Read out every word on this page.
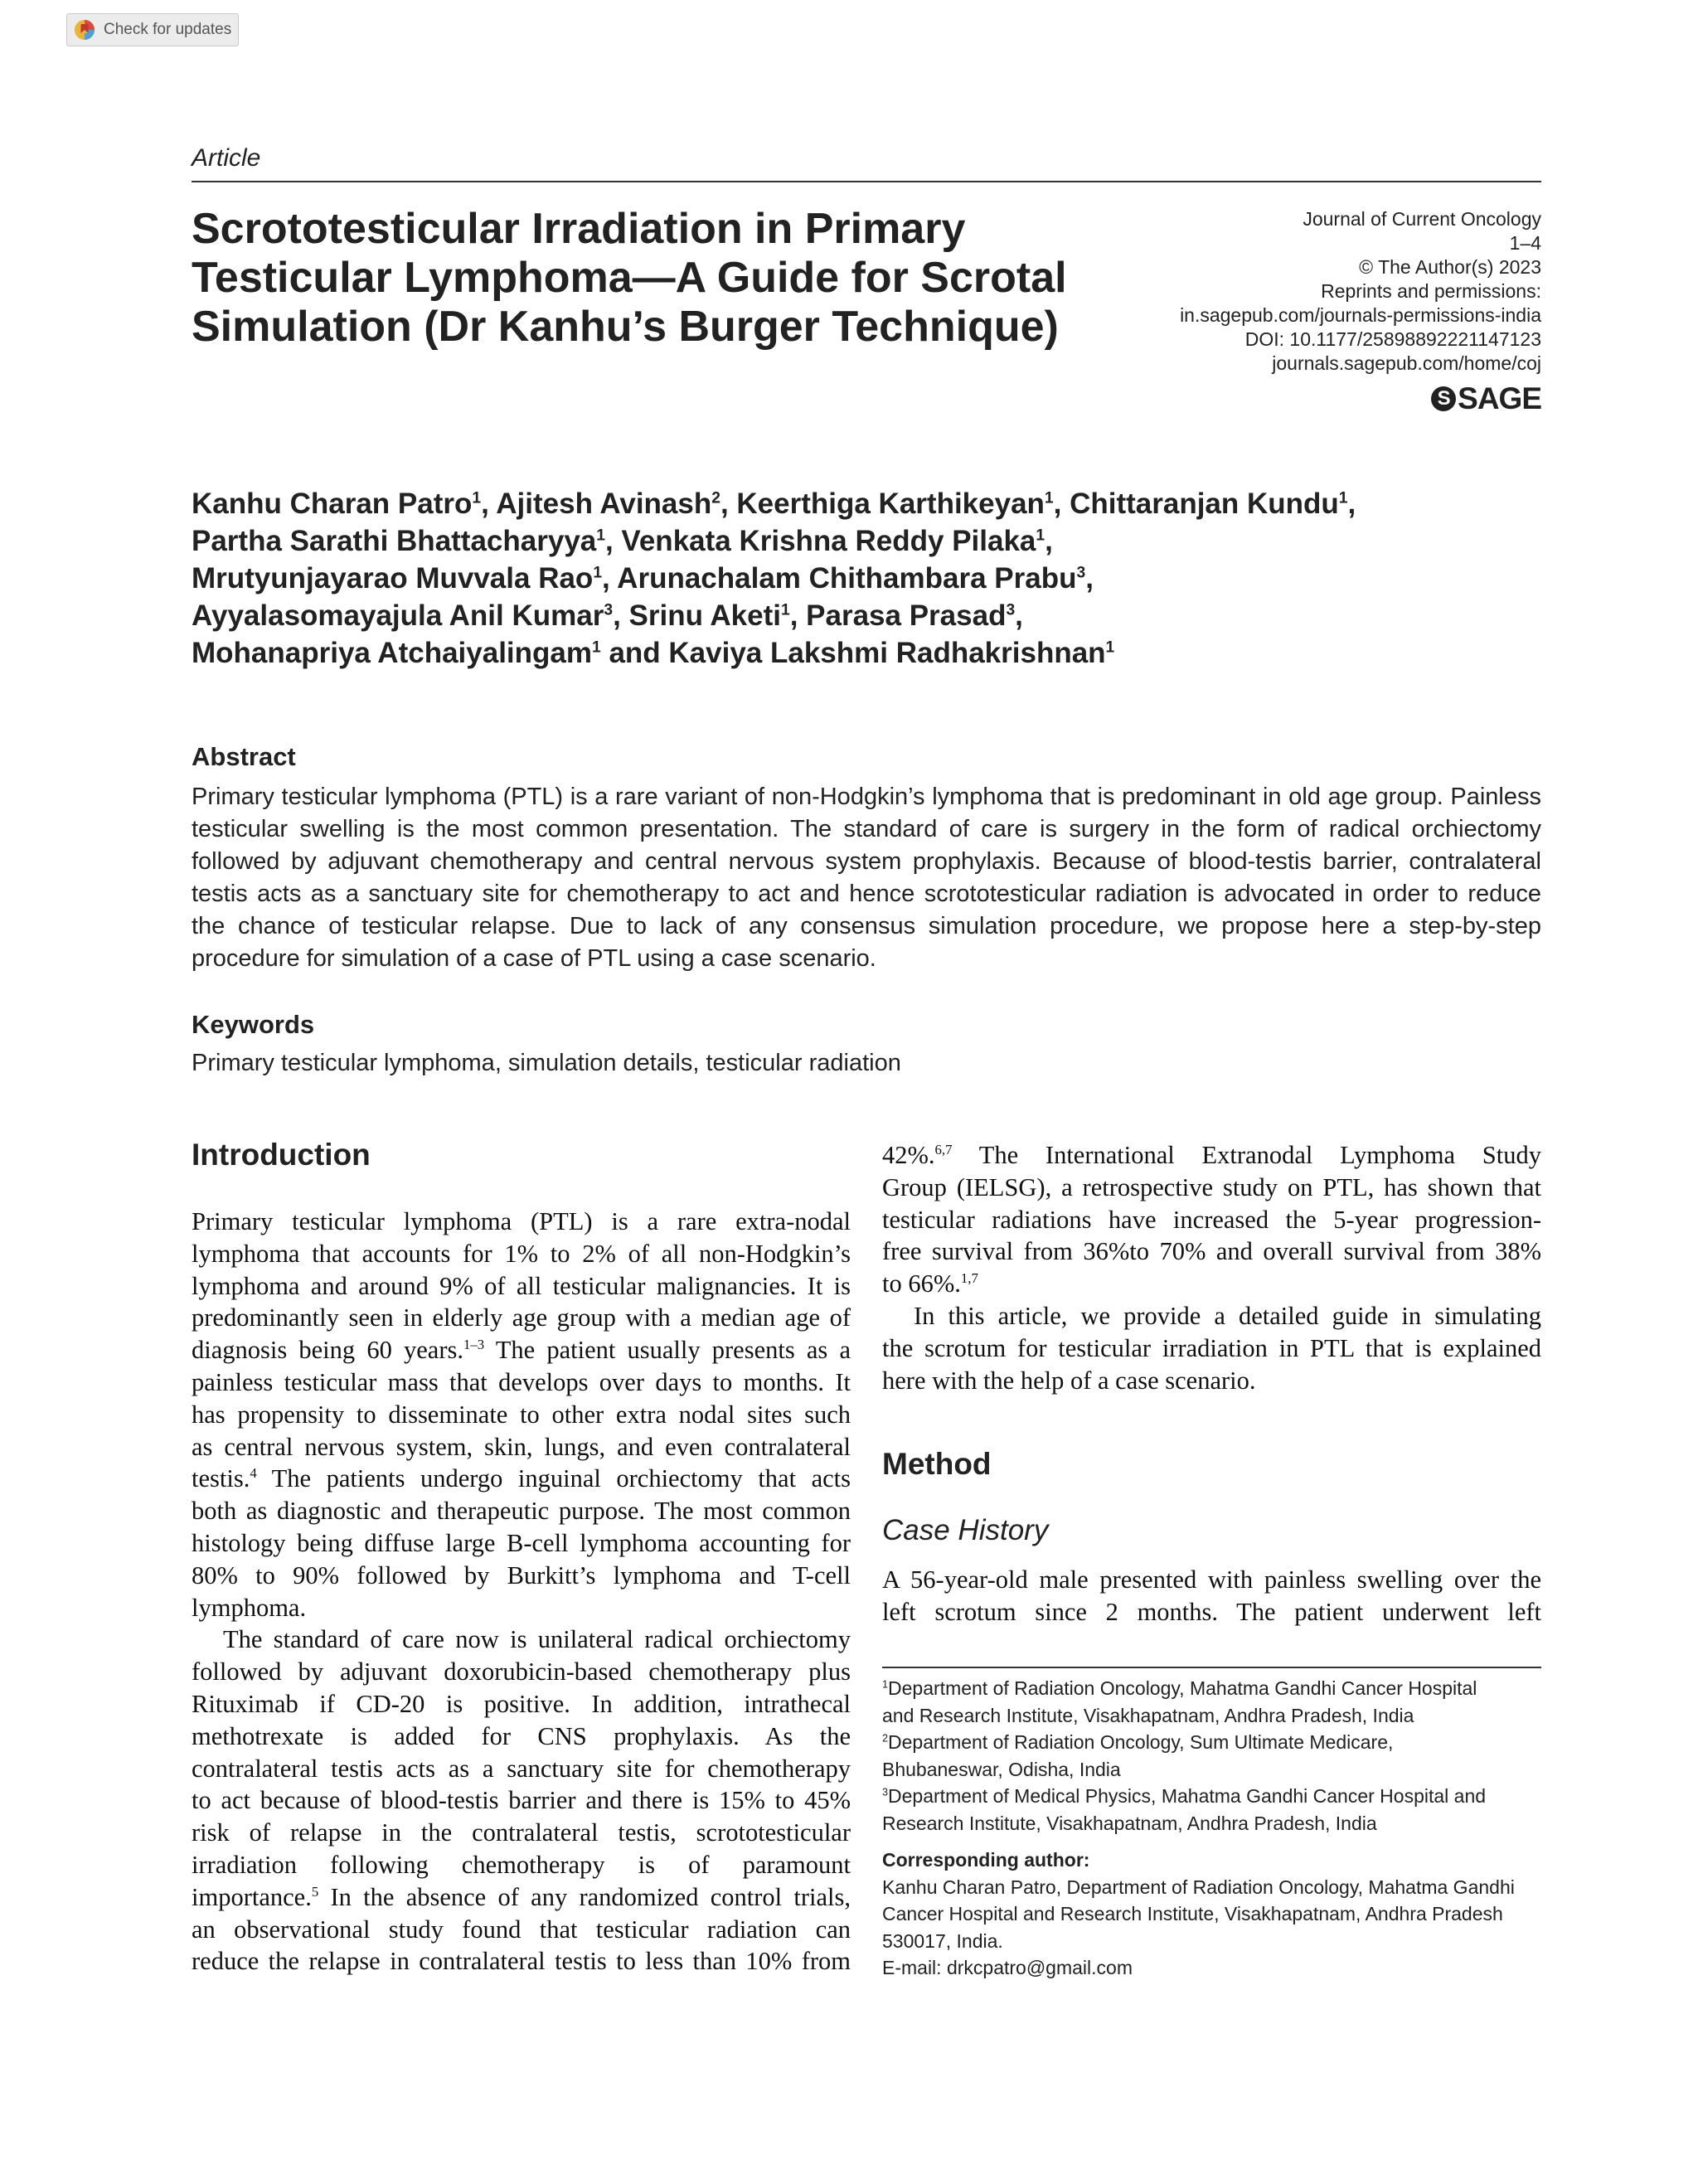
Check for updates
Article
Scrototesticular Irradiation in Primary
Testicular Lymphoma—A Guide for Scrotal
Simulation (Dr Kanhu’s Burger Technique)
Journal of Current Oncology
1–4
© The Author(s) 2023
Reprints and permissions:
in.sagepub.com/journals-permissions-india
DOI: 10.1177/25898892221147123
journals.sagepub.com/home/coj
S SAGE
Kanhu Charan Patro$^1$, Ajitesh Avinash$^2$, Keerthiga Karthikeyan$^1$, Chittaranjan Kundu$^1$,
Partha Sarathi Bhattacharyya$^1$, Venkata Krishna Reddy Pilaka$^1$,
Mrutyunjayarao Muvvala Rao$^1$, Arunachalam Chithambara Prabu$^3$,
Ayyalasomayajula Anil Kumar$^3$, Srinu Aketi$^1$, Parasa Prasad$^3$,
Mohanapriya Atchaiyalingam$^1$ and Kaviya Lakshmi Radhakrishnan$^1$
Abstract
Primary testicular lymphoma (PTL) is a rare variant of non-Hodgkin’s lymphoma that is predominant in old age group. Painless
testicular swelling is the most common presentation. The standard of care is surgery in the form of radical orchiectomy
followed by adjuvant chemotherapy and central nervous system prophylaxis. Because of blood-testis barrier, contralateral
testis acts as a sanctuary site for chemotherapy to act and hence scrototesticular radiation is advocated in order to reduce
the chance of testicular relapse. Due to lack of any consensus simulation procedure, we propose here a step-by-step
procedure for simulation of a case of PTL using a case scenario.
Keywords
Primary testicular lymphoma, simulation details, testicular radiation
Introduction
Primary testicular lymphoma (PTL) is a rare extra-nodal
lymphoma that accounts for 1% to 2% of all non-Hodgkin’s
lymphoma and around 9% of all testicular malignancies. It is
predominantly seen in elderly age group with a median age of
diagnosis being 60 years.$^{1-3}$ The patient usually presents as a
painless testicular mass that develops over days to months. It
has propensity to disseminate to other extra nodal sites such
as central nervous system, skin, lungs, and even contralateral
testis.$^4$ The patients undergo inguinal orchiectomy that acts
both as diagnostic and therapeutic purpose. The most common
histology being diffuse large B-cell lymphoma accounting for
80% to 90% followed by Burkitt’s lymphoma and T-cell
lymphoma.
The standard of care now is unilateral radical orchiectomy
followed by adjuvant doxorubicin-based chemotherapy plus
Rituximab if CD-20 is positive. In addition, intrathecal
methotrexate is added for CNS prophylaxis. As the
contralateral testis acts as a sanctuary site for chemotherapy
to act because of blood-testis barrier and there is 15% to 45%
risk of relapse in the contralateral testis, scrototesticular
irradiation following chemotherapy is of paramount
importance.$^5$ In the absence of any randomized control trials,
an observational study found that testicular radiation can
reduce the relapse in contralateral testis to less than 10% from
42%.$^{6,7}$ The International Extranodal Lymphoma Study
Group (IELSG), a retrospective study on PTL, has shown that
testicular radiations have increased the 5-year progression-
free survival from 36%to 70% and overall survival from 38%
to 66%.$^{1,7}$
In this article, we provide a detailed guide in simulating
the scrotum for testicular irradiation in PTL that is explained
here with the help of a case scenario.
Method
Case History
A 56-year-old male presented with painless swelling over the
left scrotum since 2 months. The patient underwent left
$^1$Department of Radiation Oncology, Mahatma Gandhi Cancer Hospital
and Research Institute, Visakhapatnam, Andhra Pradesh, India
$^2$Department of Radiation Oncology, Sum Ultimate Medicare,
Bhubaneswar, Odisha, India
$^3$Department of Medical Physics, Mahatma Gandhi Cancer Hospital and
Research Institute, Visakhapatnam, Andhra Pradesh, India
Corresponding author:
Kanhu Charan Patro, Department of Radiation Oncology, Mahatma Gandhi
Cancer Hospital and Research Institute, Visakhapatnam, Andhra Pradesh
530017, India.
E-mail: drkcpatro@gmail.com
